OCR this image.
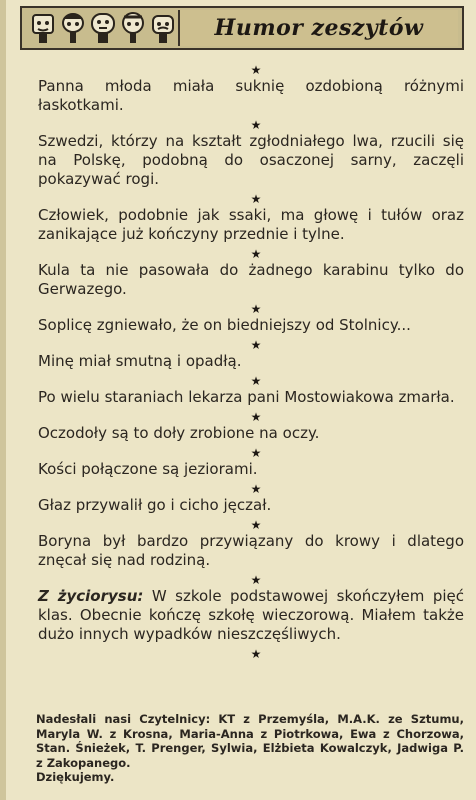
Humor zeszytów
★

Panna młoda miała suknię ozdobioną różnymi łaskotkami.

★

Szwedzi, którzy na kształt zgłodniałego lwa, rzucili się na Polskę, podobną do osaczonej sarny, zaczęli pokazywać rogi.

★

Człowiek, podobnie jak ssaki, ma głowę i tułów oraz zanikające już kończyny przednie i tylne.

★

Kula ta nie pasowała do żadnego karabinu tylko do Gerwazego.

★

Soplicę zgniewało, że on biedniejszy od Stolnicy...

★

Minę miał smutną i opadłą.

★

Po wielu staraniach lekarza pani Mostowiakowa zmarła.

★

Oczodoły są to doły zrobione na oczy.

★

Kości połączone są jeziorami.

★

Głaz przywalił go i cicho jęczał.

★

Boryna był bardzo przywiązany do krowy i dlatego znęcał się nad rodziną.

★

Z życiorysu: W szkole podstawowej skończyłem pięć klas. Obecnie kończę szkołę wieczorową. Miałem także dużo innych wypadków nieszczęśliwych.

★
Nadesłali nasi Czytelnicy: KT z Przemyśla, M.A.K. ze Sztumu, Maryla W. z Krosna, Maria-Anna z Piotrkowa, Ewa z Chorzowa, Stan. Śnieżek, T. Prenger, Sylwia, Elżbieta Kowalczyk, Jadwiga P. z Zakopanego.
Dziękujemy.
